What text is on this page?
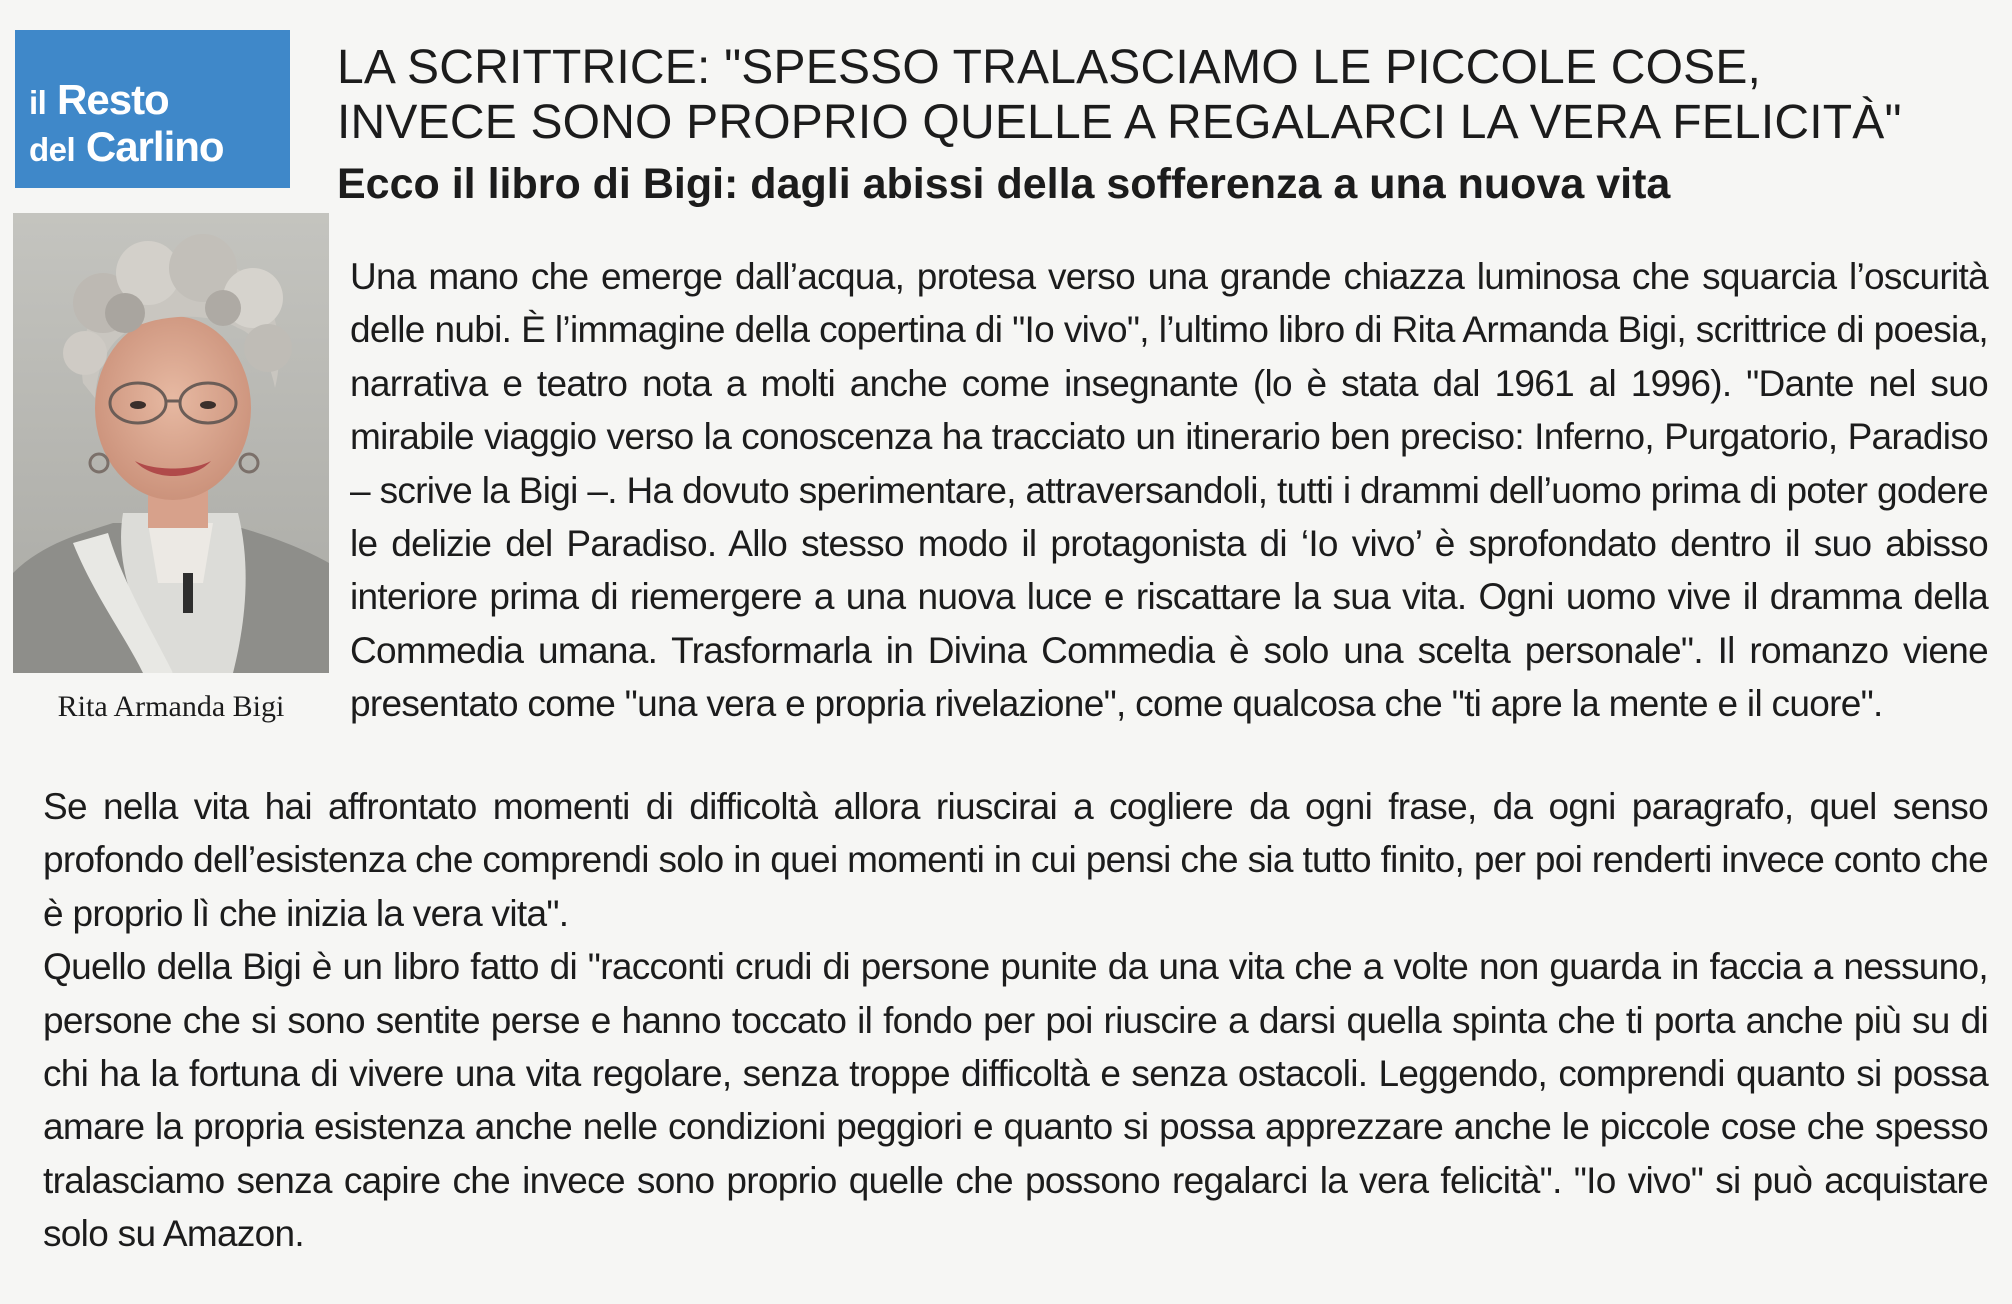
il Resto
del Carlino
LA SCRITTRICE: "SPESSO TRALASCIAMO LE PICCOLE COSE,
INVECE SONO PROPRIO QUELLE A REGALARCI LA VERA FELICITÀ"
Ecco il libro di Bigi: dagli abissi della sofferenza a una nuova vita
Rita Armanda Bigi

Una mano che emerge dall’acqua, protesa verso una grande chiazza luminosa che squarcia l’oscurità delle nubi. È l’immagine della copertina di "Io vivo", l’ultimo libro di Rita Armanda Bigi, scrittrice di poesia, narrativa e teatro nota a molti anche come insegnante (lo è stata dal 1961 al 1996). "Dante nel suo mirabile viaggio verso la conoscenza ha tracciato un itinerario ben preciso: Inferno, Purgatorio, Paradiso – scrive la Bigi –. Ha dovuto sperimentare, attraversandoli, tutti i drammi dell’uomo prima di poter godere le delizie del Paradiso. Allo stesso modo il protagonista di ‘Io vivo’ è sprofondato dentro il suo abisso interiore prima di riemergere a una nuova luce e riscattare la sua vita. Ogni uomo vive il dramma della Commedia umana. Trasformarla in Divina Commedia è solo una scelta personale". Il romanzo viene presentato come "una vera e propria rivelazione", come qualcosa che "ti apre la mente e il cuore".

Se nella vita hai affrontato momenti di difficoltà allora riuscirai a cogliere da ogni frase, da ogni paragrafo, quel senso profondo dell’esistenza che comprendi solo in quei momenti in cui pensi che sia tutto finito, per poi renderti invece conto che è proprio lì che inizia la vera vita".

Quello della Bigi è un libro fatto di "racconti crudi di persone punite da una vita che a volte non guarda in faccia a nessuno, persone che si sono sentite perse e hanno toccato il fondo per poi riuscire a darsi quella spinta che ti porta anche più su di chi ha la fortuna di vivere una vita regolare, senza troppe difficoltà e senza ostacoli. Leggendo, comprendi quanto si possa amare la propria esistenza anche nelle condizioni peggiori e quanto si possa apprezzare anche le piccole cose che spesso tralasciamo senza capire che invece sono proprio quelle che possono regalarci la vera felicità". "Io vivo" si può acquistare solo su Amazon.
